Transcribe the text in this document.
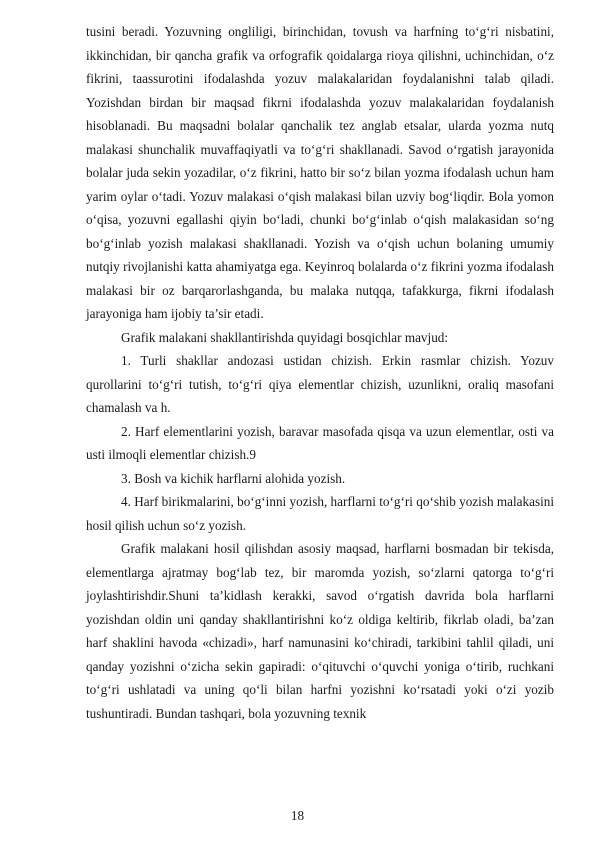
tusini beradi. Yozuvning ongliligi, birinchidan, tovush va harfning to‘g‘ri nisbatini, ikkinchidan, bir qancha grafik va orfografik qoidalarga rioya qilishni, uchinchidan, o‘z fikrini, taassurotini ifodalashda yozuv malakalaridan foydalanishni talab qiladi. Yozishdan birdan bir maqsad fikrni ifodalashda yozuv malakalaridan foydalanish hisoblanadi. Bu maqsadni bolalar qanchalik tez anglab etsalar, ularda yozma nutq malakasi shunchalik muvaffaqiyatli va to‘g‘ri shakllanadi. Savod o‘rgatish jarayonida bolalar juda sekin yozadilar, o‘z fikrini, hatto bir so‘z bilan yozma ifodalash uchun ham yarim oylar o‘tadi. Yozuv malakasi o‘qish malakasi bilan uzviy bog‘liqdir. Bola yomon o‘qisa, yozuvni egallashi qiyin bo‘ladi, chunki bo‘g‘inlab o‘qish malakasidan so‘ng bo‘g‘inlab yozish malakasi shakllanadi. Yozish va o‘qish uchun bolaning umumiy nutqiy rivojlanishi katta ahamiyatga ega. Keyinroq bolalarda o‘z fikrini yozma ifodalash malakasi bir oz barqarorlashganda, bu malaka nutqqa, tafakkurga, fikrni ifodalash jarayoniga ham ijobiy ta’sir etadi.

Grafik malakani shakllantirishda quyidagi bosqichlar mavjud:

1. Turli shakllar andozasi ustidan chizish. Erkin rasmlar chizish. Yozuv qurollarini to‘g‘ri tutish, to‘g‘ri qiya elementlar chizish, uzunlikni, oraliq masofani chamalash va h.

2. Harf elementlarini yozish, baravar masofada qisqa va uzun elementlar, osti va usti ilmoqli elementlar chizish.9

3. Bosh va kichik harflarni alohida yozish.

4. Harf birikmalarini, bo‘g‘inni yozish, harflarni to‘g‘ri qo‘shib yozish malakasini hosil qilish uchun so‘z yozish.

Grafik malakani hosil qilishdan asosiy maqsad, harflarni bosmadan bir tekisda, elementlarga ajratmay bog‘lab tez, bir maromda yozish, so‘zlarni qatorga to‘g‘ri joylashtirishdir.Shuni ta’kidlash kerakki, savod o‘rgatish davrida bola harflarni yozishdan oldin uni qanday shakllantirishni ko‘z oldiga keltirib, fikrlab oladi, ba’zan harf shaklini havoda «chizadi», harf namunasini ko‘chiradi, tarkibini tahlil qiladi, uni qanday yozishni o‘zicha sekin gapiradi: o‘qituvchi o‘quvchi yoniga o‘tirib, ruchkani to‘g‘ri ushlatadi va uning qo‘li bilan harfni yozishni ko‘rsatadi yoki o‘zi yozib tushuntiradi. Bundan tashqari, bola yozuvning texnik

18
